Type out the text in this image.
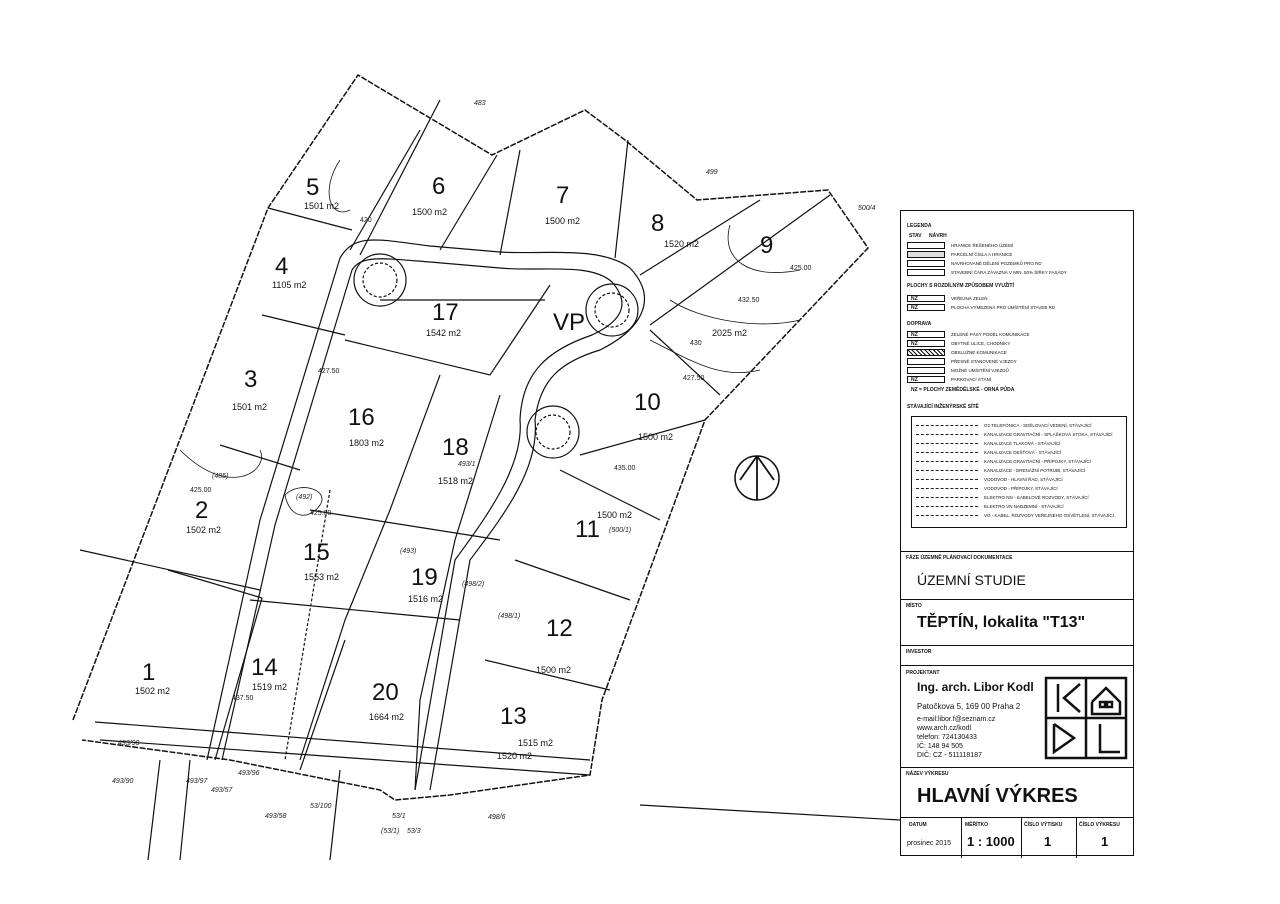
1
1502 m2
2
1502 m2
3
1501 m2
4
1105 m2
5
1501 m2
6
1500 m2
7
1500 m2	8
1520 m2	9
2025 m2
10
1500 m2
11
1500 m2
12
1500 m2
13
1515 m2
14
1519 m2
15
1553 m2
16
1803 m2
17
1542 m2
18
1518 m2
19
1516 m2
20
1664 m2
1520 m2
VP
483
499
500/4
493/98
493/90	493/97
493/96
493/57
493/58
53/100
53/1
53/3
(53/1)
498/6
(485)
(492)
(493)
493/1
(498/2)
(498/1)
(500/1)
425.00
427.50
425.00
430
427.50
420
432.50
425.00
437.50
435.00
LEGENDA
STAV NÁVRH
HRANICE ŘEŠENÉHO ÚZEMÍ
PARCELNÍ ČÍSLA A HRANICE
NAVRHOVANÉ DĚLENÍ POZEMKŮ PRO RD
STAVEBNÍ ČÁRA ZÁVAZNÁ V MIN. 50% ŠÍŘKY FASÁDY
PLOCHY S ROZDÍLNÝM ZPŮSOBEM VYUŽITÍ
NZ	VEŘEJNÁ ZELEŇ
NZ	PLOCHA VYMEZENÁ PRO UMÍSTĚNÍ STAVEB RD
DOPRAVA
NZ	ZELENÉ PÁSY PODÉL KOMUNIKACE
NZ	OBYTNÉ ULICE, CHODNÍKY
OBSLUŽNÉ KOMUNIKACE
PŘESNĚ STANOVENÉ VJEZDY
MOŽNÉ UMÍSTĚNÍ VJEZDŮ
NZ	PARKOVACÍ STÁNÍ
NZ = PLOCHY ZEMĚDĚLSKÉ - ORNÁ PŮDA
STÁVAJÍCÍ INŽENÝRSKÉ SÍTĚ
O2 TELEFÓNICA - SDĚLOVACÍ VEDENÍ, STÁVAJÍCÍ
KANALIZACE GRAVITAČNÍ - SPLAŠKOVÁ STOKA, STÁVAJÍCÍ
KANALIZACE TLAKOVÁ - STÁVAJÍCÍ
KANALIZACE DEŠŤOVÁ - STÁVAJÍCÍ
KANALIZACE GRAVITAČNÍ - PŘÍPOJKY, STÁVAJÍCÍ
KANALIZACE - DRENÁŽNÍ POTRUBÍ, STÁVAJÍCÍ
VODOVOD - HLAVNÍ ŘAD, STÁVAJÍCÍ
VODOVOD - PŘÍPOJKY, STÁVAJÍCÍ
ELEKTRO NN - KABELOVÉ ROZVODY, STÁVAJÍCÍ
ELEKTRO VN NADZEMNÍ - STÁVAJÍCÍ
VO - KABEL. ROZVODY VEŘEJNÉHO OSVĚTLENÍ, STÁVAJÍCÍ
FÁZE ÚZEMNĚ PLÁNOVACÍ DOKUMENTACE
ÚZEMNÍ STUDIE
MÍSTO
TĚPTÍN, lokalita "T13"
INVESTOR
PROJEKTANT
Ing. arch. Libor Kodl
Patočkova 5, 169 00 Praha 2
e-mail:libor.f@seznam.cz
www.arch.cz/kodl
telefon: 724130433
IČ: 148 94 505
DIČ: CZ - 511118187
NÁZEV VÝKRESU
HLAVNÍ VÝKRES
DATUM
prosinec 2015
MĚŘÍTKO
1 : 1000
ČÍSLO VÝTISKU
1
ČÍSLO VÝKRESU
1
